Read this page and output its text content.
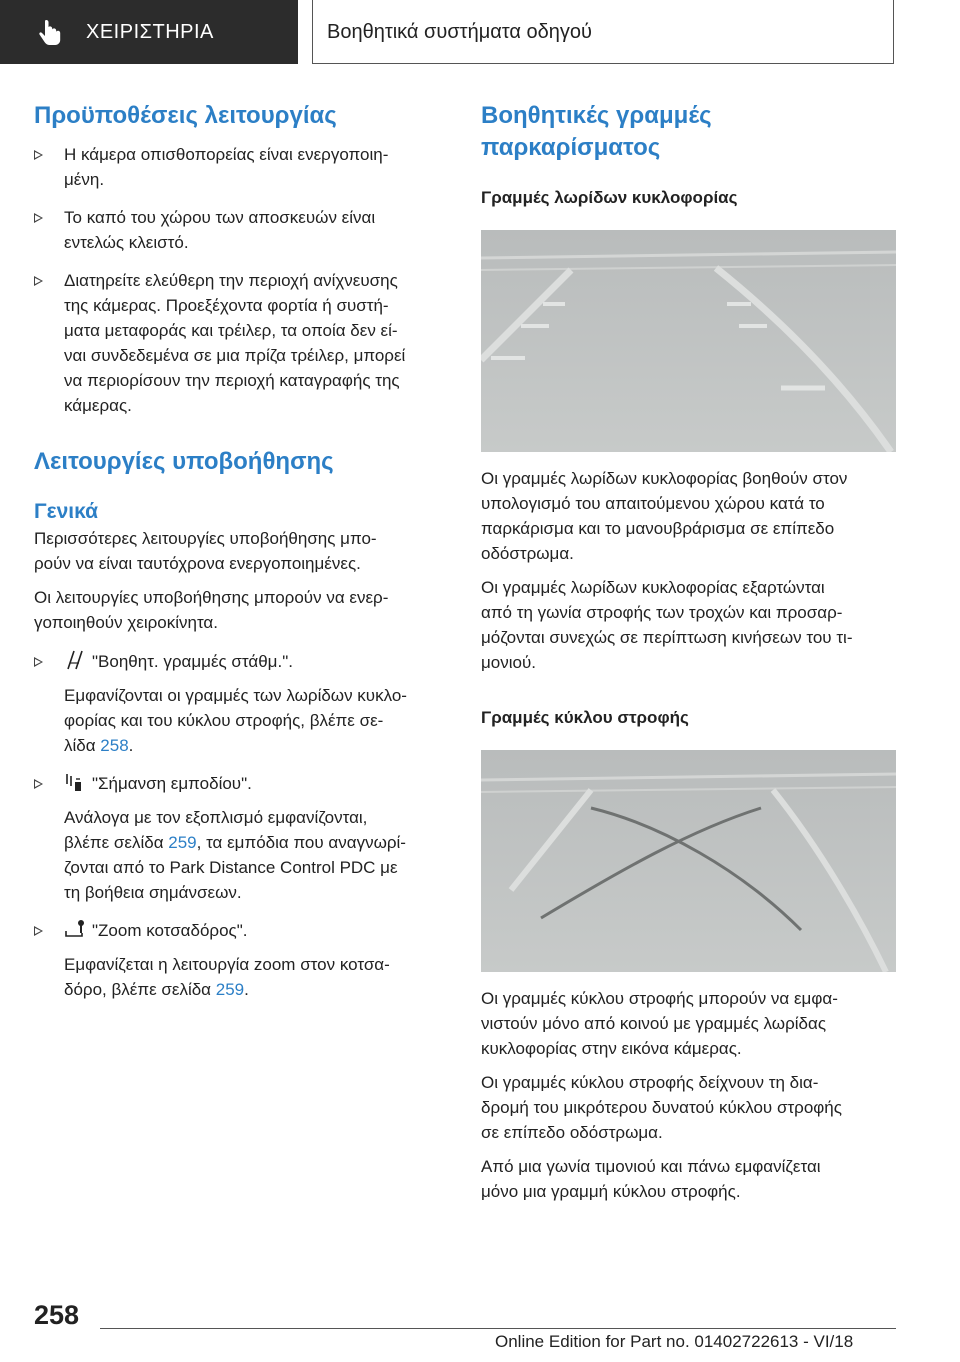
ΧΕΙΡΙΣΤΗΡΙΑ	Βοηθητικά συστήματα οδηγού
Προϋποθέσεις λειτουργίας

Η κάμερα οπισθοπορείας είναι ενεργοποιη‐
μένη.

Το καπό του χώρου των αποσκευών είναι
εντελώς κλειστό.

Διατηρείτε ελεύθερη την περιοχή ανίχνευσης
της κάμερας. Προεξέχοντα φορτία ή συστή‐
ματα μεταφοράς και τρέιλερ, τα οποία δεν εί‐
ναι συνδεδεμένα σε μια πρίζα τρέιλερ, μπορεί
να περιορίσουν την περιοχή καταγραφής της
κάμερας.

Λειτουργίες υποβοήθησης
Γενικά

Περισσότερες λειτουργίες υποβοήθησης μπο‐
ρούν να είναι ταυτόχρονα ενεργοποιημένες.

Οι λειτουργίες υποβοήθησης μπορούν να ενερ‐
γοποιηθούν χειροκίνητα.

"Βοηθητ. γραμμές στάθμ.".

Εμφανίζονται οι γραμμές των λωρίδων κυκλο‐
φορίας και του κύκλου στροφής, βλέπε σε‐
λίδα 258.

"Σήμανση εμποδίου".

Ανάλογα με τον εξοπλισμό εμφανίζονται,
βλέπε σελίδα 259, τα εμπόδια που αναγνωρί‐
ζονται από το Park Distance Control PDC με
τη βοήθεια σημάνσεων.

"Zoom κοτσαδόρος".

Εμφανίζεται η λειτουργία zoom στον κοτσα‐
δόρο, βλέπε σελίδα 259.

Βοηθητικές γραμμές
παρκαρίσματος
Γραμμές λωρίδων κυκλοφορίας

Οι γραμμές λωρίδων κυκλοφορίας βοηθούν στον
υπολογισμό του απαιτούμενου χώρου κατά το
παρκάρισμα και το μανουβράρισμα σε επίπεδο
οδόστρωμα.

Οι γραμμές λωρίδων κυκλοφορίας εξαρτώνται
από τη γωνία στροφής των τροχών και προσαρ‐
μόζονται συνεχώς σε περίπτωση κινήσεων του τι‐
μονιού.

Γραμμές κύκλου στροφής

Οι γραμμές κύκλου στροφής μπορούν να εμφα‐
νιστούν μόνο από κοινού με γραμμές λωρίδας
κυκλοφορίας στην εικόνα κάμερας.

Οι γραμμές κύκλου στροφής δείχνουν τη δια‐
δρομή του μικρότερου δυνατού κύκλου στροφής
σε επίπεδο οδόστρωμα.

Από μια γωνία τιμονιού και πάνω εμφανίζεται
μόνο μια γραμμή κύκλου στροφής.

258
Online Edition for Part no. 01402722613 - VI/18
